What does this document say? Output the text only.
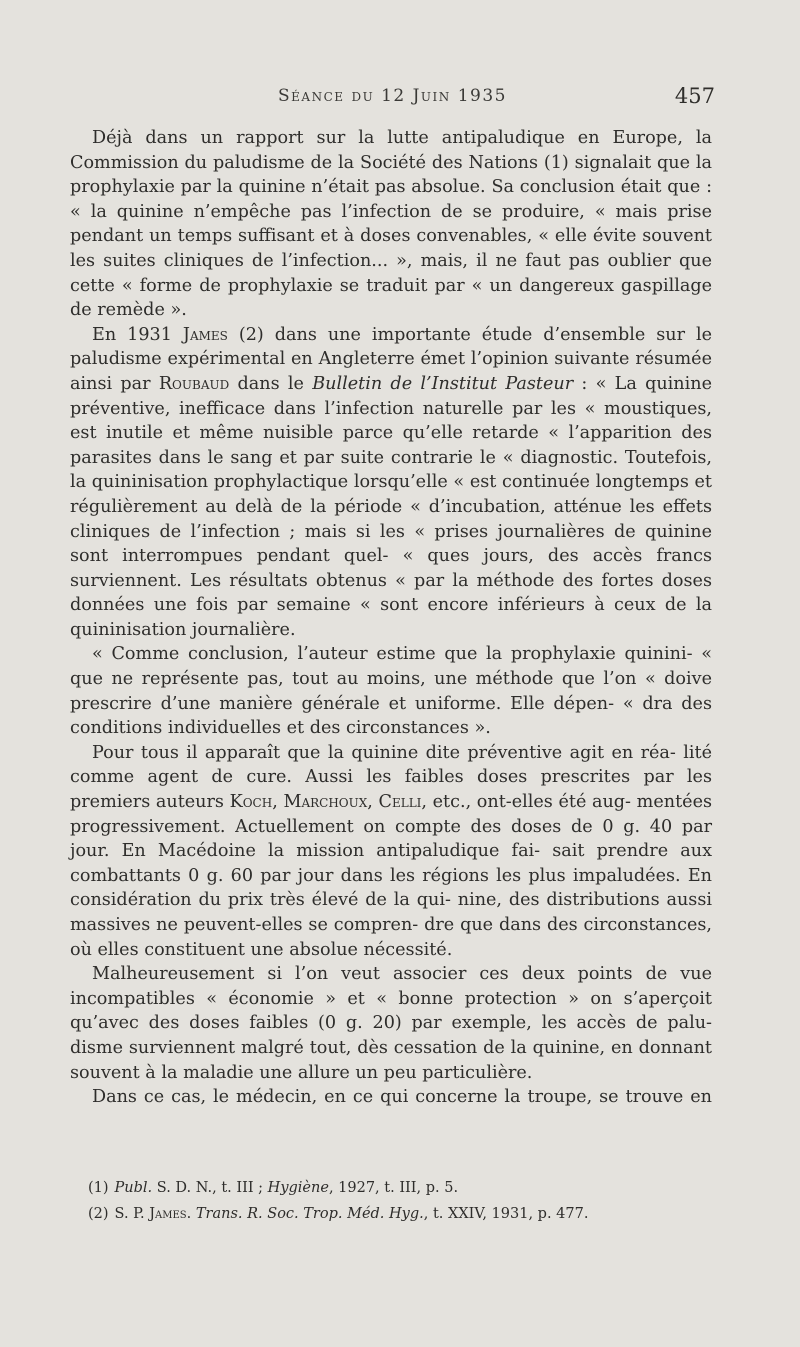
Séance du 12 Juin 1935	457

Déjà dans un rapport sur la lutte antipaludique en Europe, la Commission du paludisme de la Société des Nations (1) signalait que la prophylaxie par la quinine n’était pas absolue. Sa conclusion était que : « la quinine n’empêche pas l’infection de se produire, « mais prise pendant un temps suffisant et à doses convenables, « elle évite souvent les suites cliniques de l’infection... », mais, il ne faut pas oublier que cette « forme de prophylaxie se traduit par « un dangereux gaspillage de remède ».

En 1931 James (2) dans une importante étude d’ensemble sur le paludisme expérimental en Angleterre émet l’opinion suivante résumée ainsi par Roubaud dans le Bulletin de l’Institut Pasteur : « La quinine préventive, inefficace dans l’infection naturelle par les « moustiques, est inutile et même nuisible parce qu’elle retarde « l’apparition des parasites dans le sang et par suite contrarie le « diagnostic. Toutefois, la quininisation prophylactique lorsqu’elle « est continuée longtemps et régulièrement au delà de la période « d’incubation, atténue les effets cliniques de l’infection ; mais si les « prises journalières de quinine sont interrompues pendant quel- « ques jours, des accès francs surviennent. Les résultats obtenus « par la méthode des fortes doses données une fois par semaine « sont encore inférieurs à ceux de la quininisation journalière.

« Comme conclusion, l’auteur estime que la prophylaxie quinini- « que ne représente pas, tout au moins, une méthode que l’on « doive prescrire d’une manière générale et uniforme. Elle dépen- « dra des conditions individuelles et des circonstances ».

Pour tous il apparaît que la quinine dite préventive agit en réa- lité comme agent de cure. Aussi les faibles doses prescrites par les premiers auteurs Koch, Marchoux, Celli, etc., ont-elles été aug- mentées progressivement. Actuellement on compte des doses de 0 g. 40 par jour. En Macédoine la mission antipaludique fai- sait prendre aux combattants 0 g. 60 par jour dans les régions les plus impaludées. En considération du prix très élevé de la qui- nine, des distributions aussi massives ne peuvent-elles se compren- dre que dans des circonstances, où elles constituent une absolue nécessité.

Malheureusement si l’on veut associer ces deux points de vue incompatibles « économie » et « bonne protection » on s’aperçoit qu’avec des doses faibles (0 g. 20) par exemple, les accès de palu- disme surviennent malgré tout, dès cessation de la quinine, en donnant souvent à la maladie une allure un peu particulière.

Dans ce cas, le médecin, en ce qui concerne la troupe, se trouve en

(1) Publ. S. D. N., t. III ; Hygiène, 1927, t. III, p. 5.

(2) S. P. James. Trans. R. Soc. Trop. Méd. Hyg., t. XXIV, 1931, p. 477.
